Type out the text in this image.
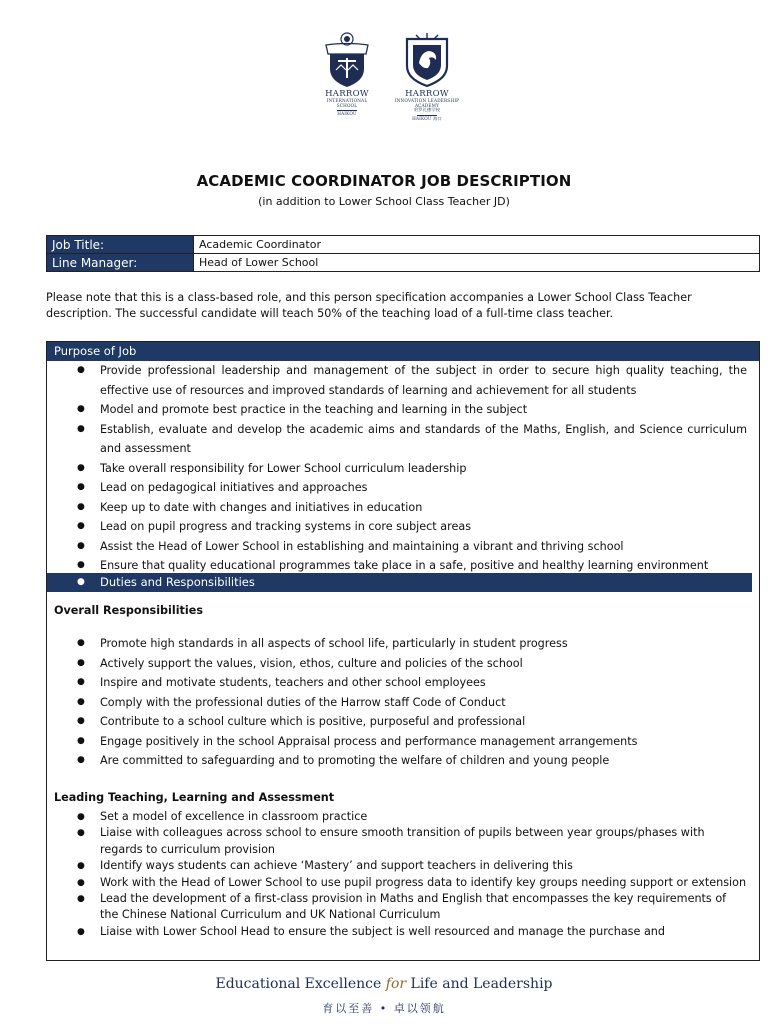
HARROW
INTERNATIONAL
SCHOOL
HAIKOU
HARROW
INNOVATION LEADERSHIP
ACADEMY
哈罗礼德学校
HAIKOU 海口
ACADEMIC COORDINATOR JOB DESCRIPTION
(in addition to Lower School Class Teacher JD)
Job Title:	Academic Coordinator
Line Manager:	Head of Lower School

Please note that this is a class-based role, and this person specification accompanies a Lower School Class Teacher description. The successful candidate will teach 50% of the teaching load of a full-time class teacher.

Purpose of Job
● Provide professional leadership and management of the subject in order to secure high quality teaching, the effective use of resources and improved standards of learning and achievement for all students
● Model and promote best practice in the teaching and learning in the subject
● Establish, evaluate and develop the academic aims and standards of the Maths, English, and Science curriculum and assessment
● Take overall responsibility for Lower School curriculum leadership
● Lead on pedagogical initiatives and approaches
● Keep up to date with changes and initiatives in education
● Lead on pupil progress and tracking systems in core subject areas
● Assist the Head of Lower School in establishing and maintaining a vibrant and thriving school
● Ensure that quality educational programmes take place in a safe, positive and healthy learning environment
● Duties and Responsibilities
Overall Responsibilities
● Promote high standards in all aspects of school life, particularly in student progress
● Actively support the values, vision, ethos, culture and policies of the school
● Inspire and motivate students, teachers and other school employees
● Comply with the professional duties of the Harrow staff Code of Conduct
● Contribute to a school culture which is positive, purposeful and professional
● Engage positively in the school Appraisal process and performance management arrangements
● Are committed to safeguarding and to promoting the welfare of children and young people
Leading Teaching, Learning and Assessment
● Set a model of excellence in classroom practice
● Liaise with colleagues across school to ensure smooth transition of pupils between year groups/phases with regards to curriculum provision
● Identify ways students can achieve ‘Mastery’ and support teachers in delivering this
● Work with the Head of Lower School to use pupil progress data to identify key groups needing support or extension
● Lead the development of a first-class provision in Maths and English that encompasses the key requirements of the Chinese National Curriculum and UK National Curriculum
● Liaise with Lower School Head to ensure the subject is well resourced and manage the purchase and
Educational Excellence for Life and Leadership
育以至善 • 卓以领航
